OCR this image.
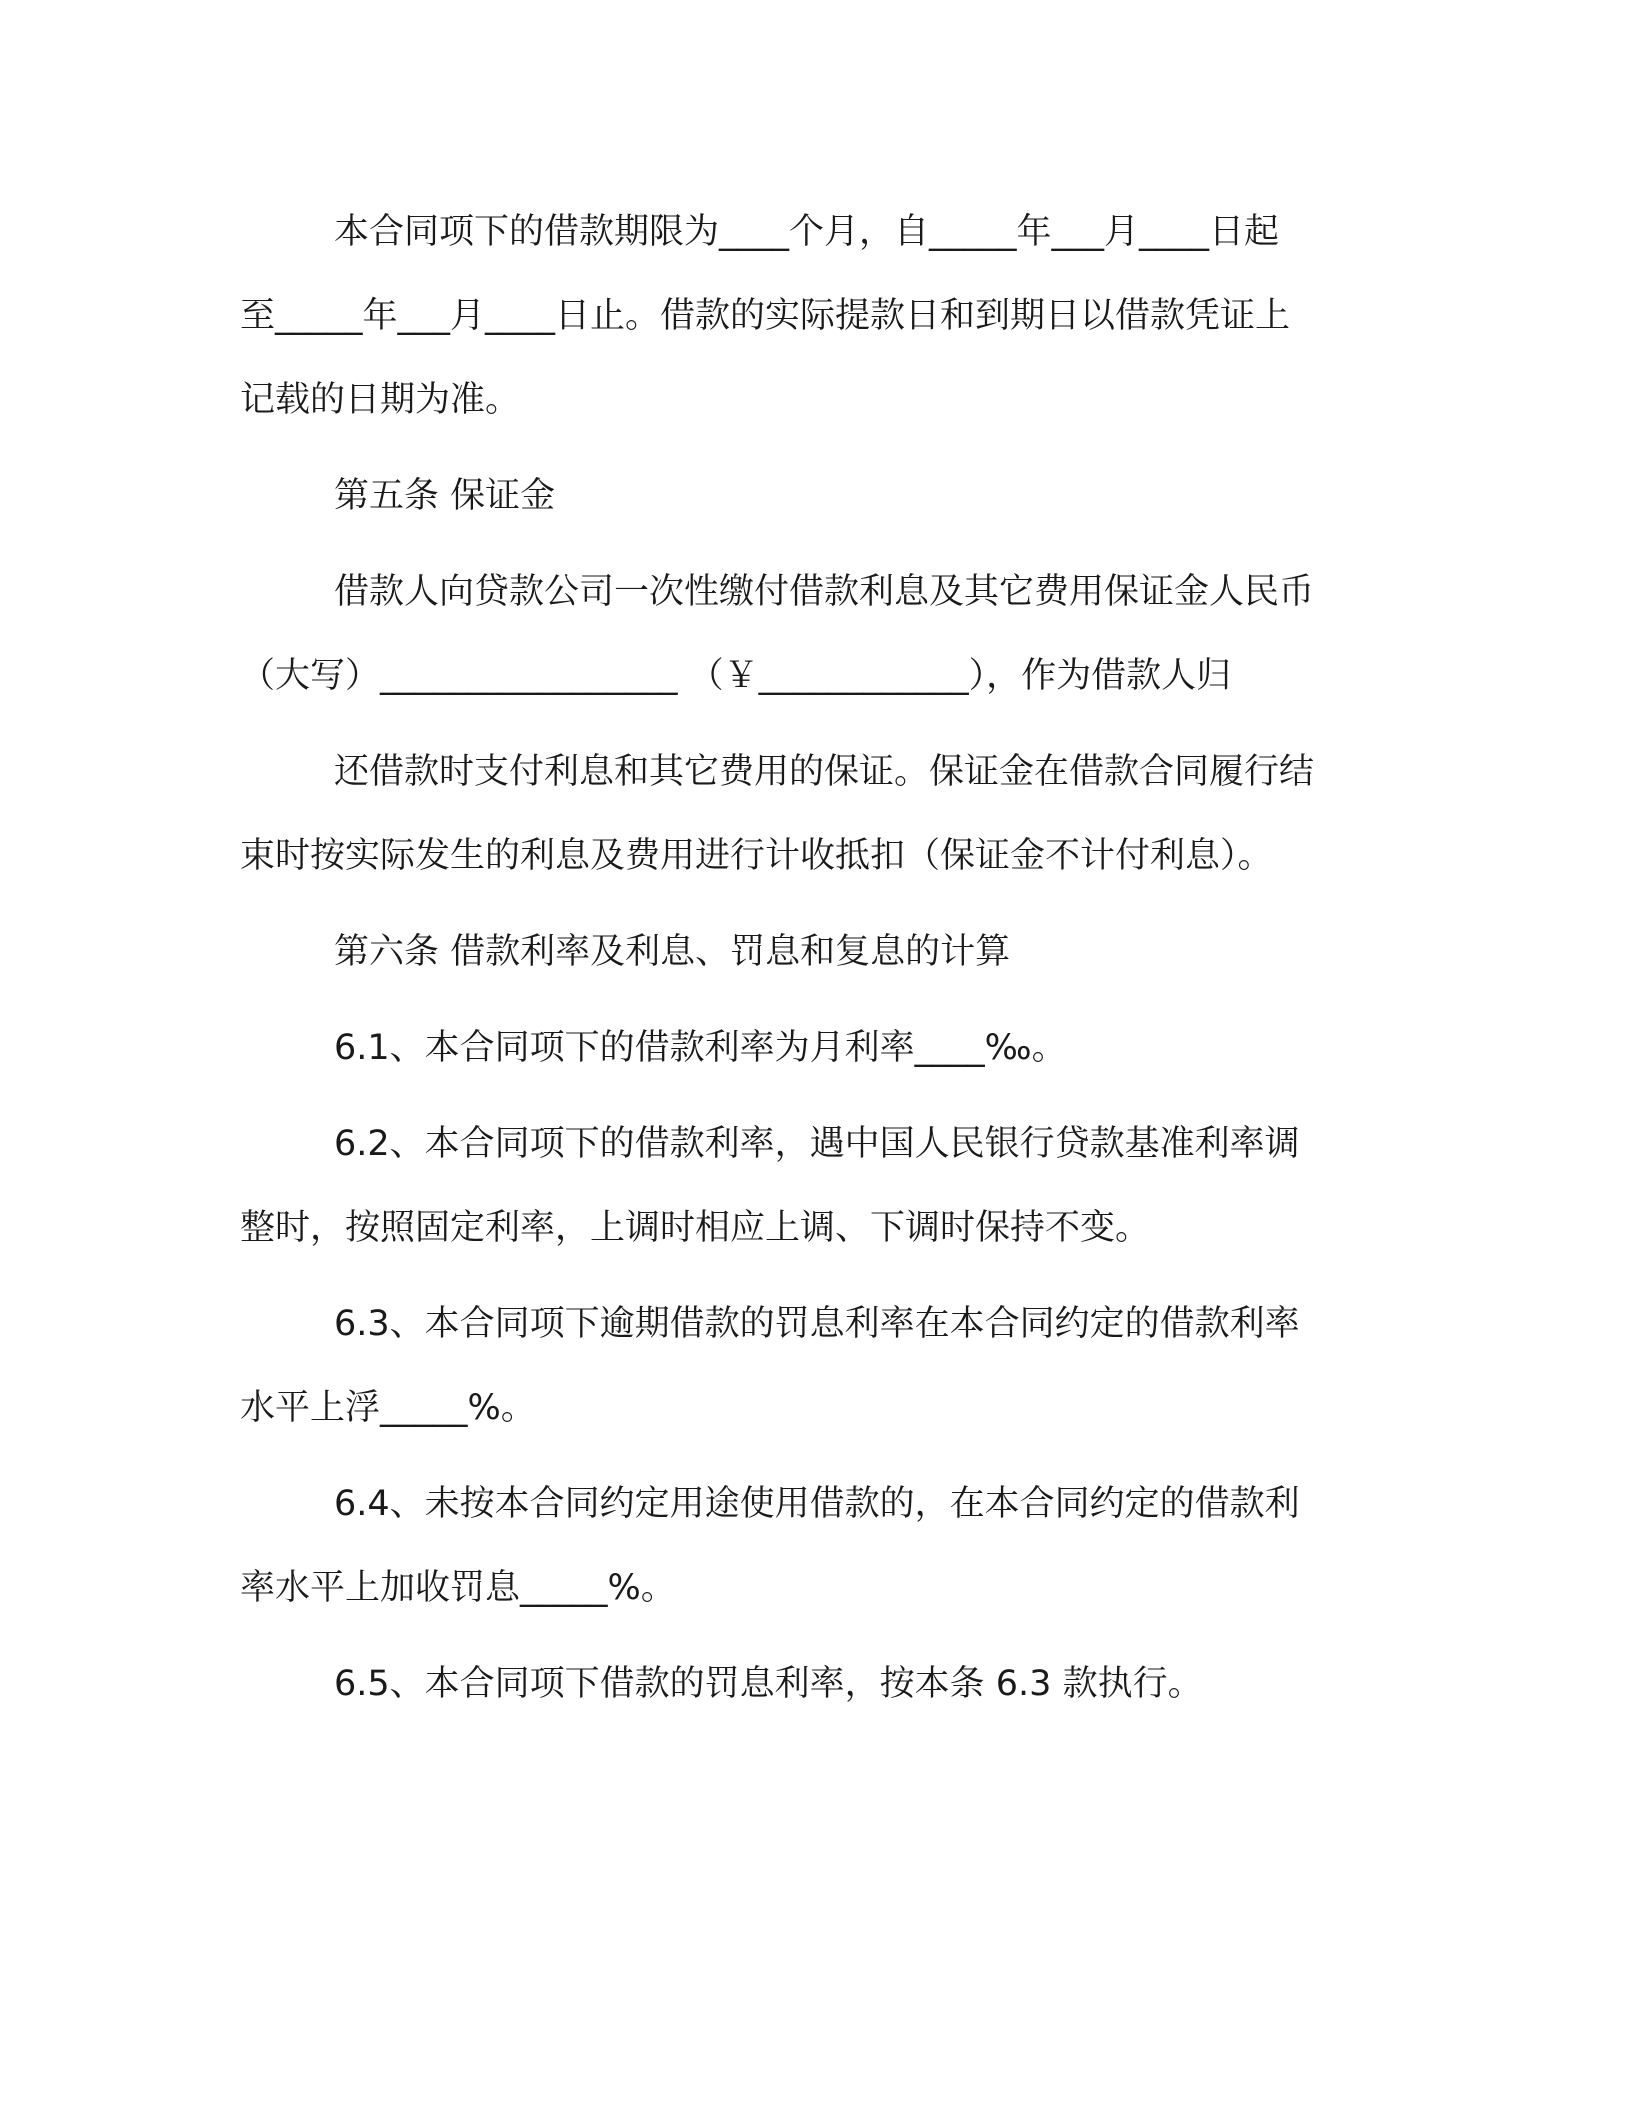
本合同项下的借款期限为____个月，自_____年___月____日起
至_____年___月____日止。借款的实际提款日和到期日以借款凭证上
记载的日期为准。
第五条 保证金
借款人向贷款公司一次性缴付借款利息及其它费用保证金人民币
（大写）_________________ （￥____________），作为借款人归
还借款时支付利息和其它费用的保证。保证金在借款合同履行结
束时按实际发生的利息及费用进行计收抵扣（保证金不计付利息）。
第六条 借款利率及利息、罚息和复息的计算
6.1、本合同项下的借款利率为月利率____‰。
6.2、本合同项下的借款利率，遇中国人民银行贷款基准利率调
整时，按照固定利率，上调时相应上调、下调时保持不变。
6.3、本合同项下逾期借款的罚息利率在本合同约定的借款利率
水平上浮_____%。
6.4、未按本合同约定用途使用借款的，在本合同约定的借款利
率水平上加收罚息_____%。
6.5、本合同项下借款的罚息利率，按本条 6.3 款执行。
